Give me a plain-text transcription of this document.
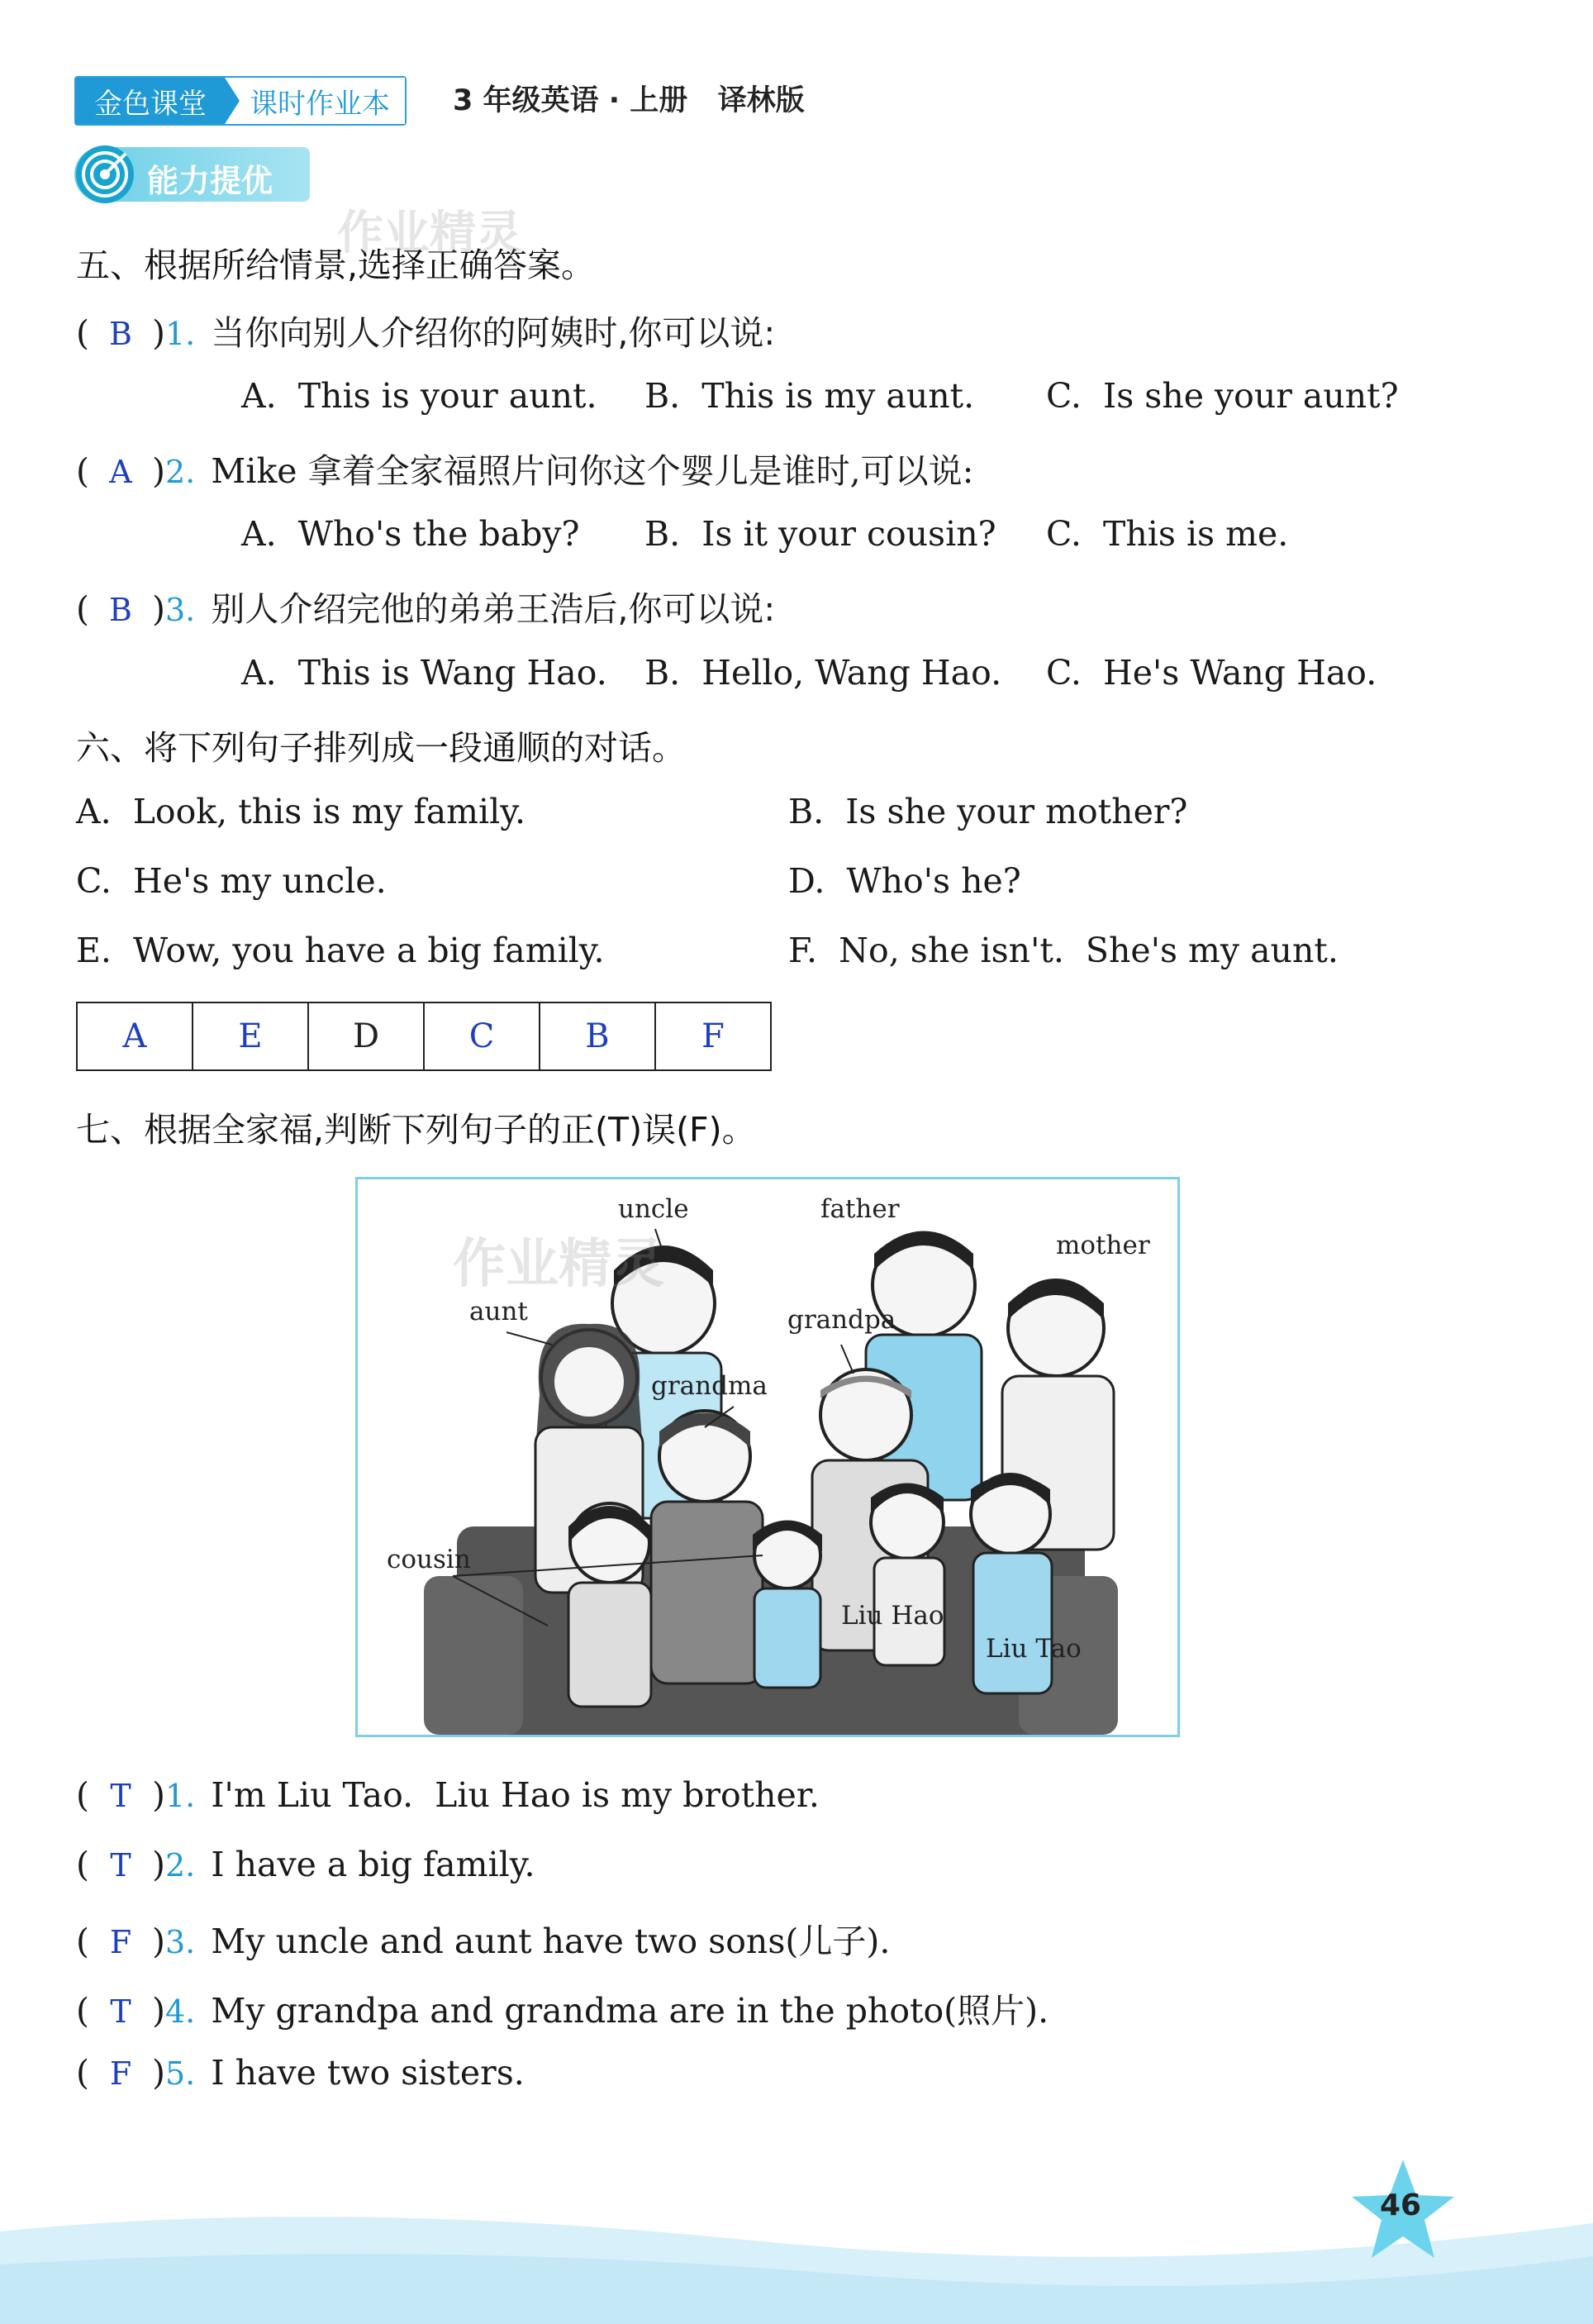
金色课堂	课时作业本	3 年级英语 · 上册   译林版
能力提优
五、根据所给情景,选择正确答案。
( B )1. 当你向别人介绍你的阿姨时,你可以说:
A.  This is your aunt. B.  This is my aunt. C.  Is she your aunt?
( A )2. Mike 拿着全家福照片问你这个婴儿是谁时,可以说:
A.  Who's the baby? B.  Is it your cousin? C.  This is me.
( B )3. 别人介绍完他的弟弟王浩后,你可以说:
A.  This is Wang Hao. B.  Hello, Wang Hao. C.  He's Wang Hao.
六、将下列句子排列成一段通顺的对话。
A.  Look, this is my family.	B.  Is she your mother?
C.  He's my uncle.	D.  Who's he?
E.  Wow, you have a big family.	F.  No, she isn't.  She's my aunt.
A	E	D	C	B	F
七、根据全家福,判断下列句子的正(T)误(F)。
uncle	father
mother
aunt	grandpa
grandma
cousin
Liu Hao
Liu Tao
作业精灵
作业精灵
( T )1. I'm Liu Tao.  Liu Hao is my brother.
( T )2. I have a big family.
( F )3. My uncle and aunt have two sons(儿子).
( T )4. My grandpa and grandma are in the photo(照片).
( F )5. I have two sisters.
46
